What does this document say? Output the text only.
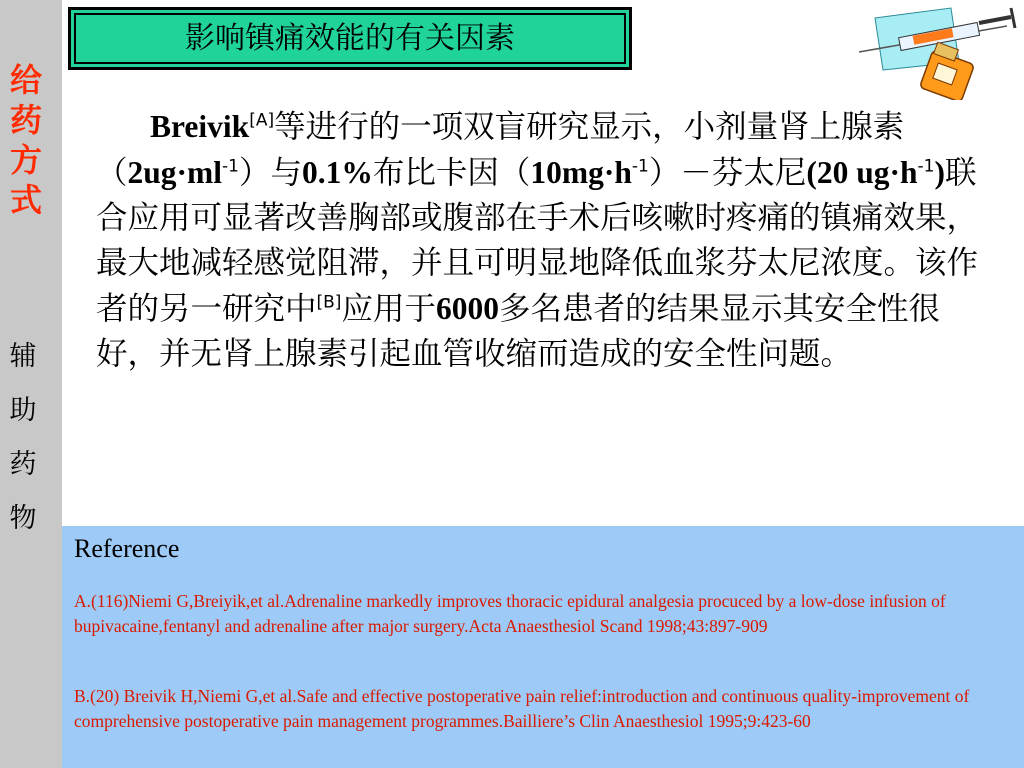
给
药
方
式
辅
助
药
物
影响镇痛效能的有关因素
Breivik[A]等进行的一项双盲研究显示，小剂量肾上腺素$(2ug\cdot ml^{-1})$与0.1%布比卡因$(10mg\cdot h^{-1})-$芬太尼(20 $ug\cdot h^{-1}$)联合应用可显著改善胸部或腹部在手术后咳嗽时疼痛的镇痛效果，最大地减轻感觉阻滞，并且可明显地降低血浆芬太尼浓度。该作者的另一研究中[B]应用于6000多名患者的结果显示其安全性很好，并无肾上腺素引起血管收缩而造成的安全性问题。
Reference
A.(116)Niemi G,Breiyik,et al.Adrenaline markedly improves thoracic epidural analgesia procuced by a low-dose infusion of bupivacaine,fentanyl and adrenaline after major surgery.Acta Anaesthesiol Scand 1998;43:897-909
B.(20) Breivik H,Niemi G,et al.Safe and effective postoperative pain relief:introduction and continuous quality-improvement of comprehensive postoperative pain management programmes.Bailliere’s Clin Anaesthesiol 1995;9:423-60
